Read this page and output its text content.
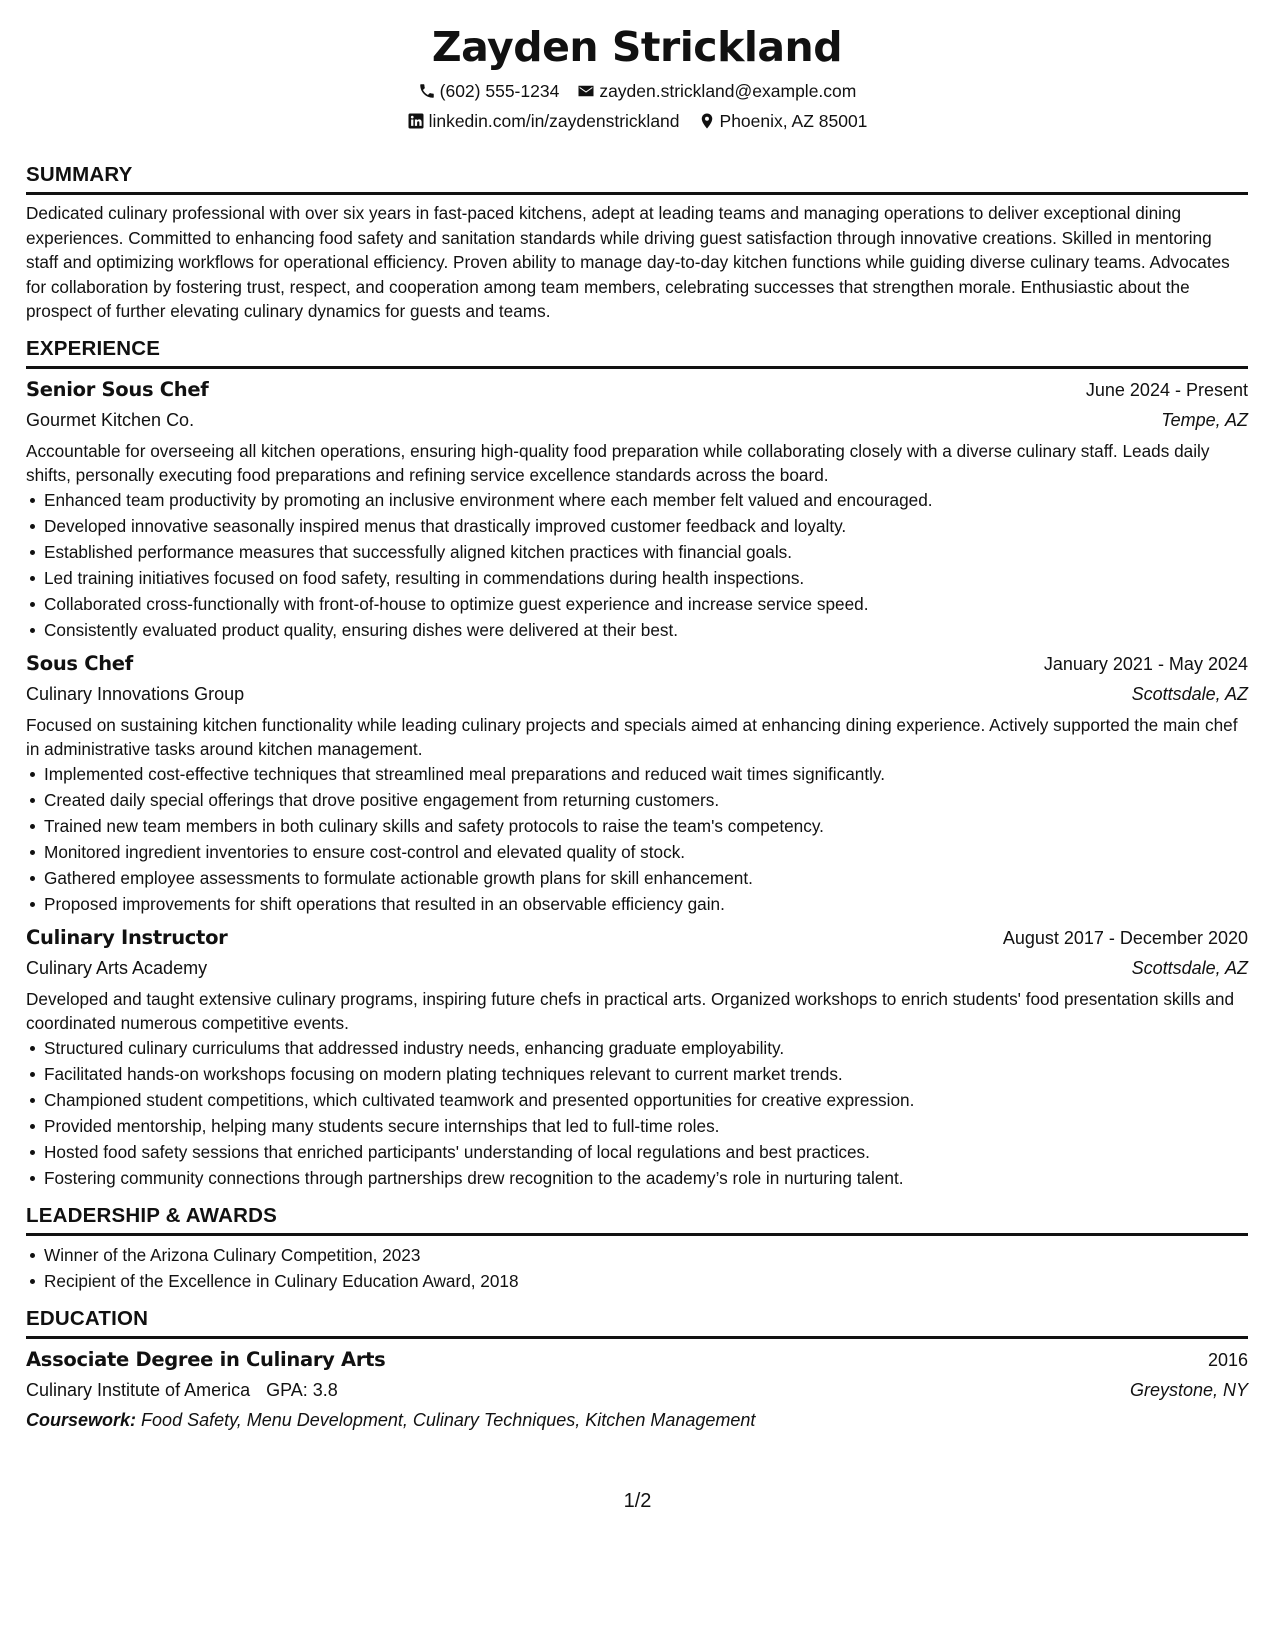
Zayden Strickland
(602) 555-1234 zayden.strickland@example.com
linkedin.com/in/zaydenstrickland Phoenix, AZ 85001
SUMMARY
Dedicated culinary professional with over six years in fast-paced kitchens, adept at leading teams and managing operations to deliver exceptional dining experiences. Committed to enhancing food safety and sanitation standards while driving guest satisfaction through innovative creations. Skilled in mentoring staff and optimizing workflows for operational efficiency. Proven ability to manage day-to-day kitchen functions while guiding diverse culinary teams. Advocates for collaboration by fostering trust, respect, and cooperation among team members, celebrating successes that strengthen morale. Enthusiastic about the prospect of further elevating culinary dynamics for guests and teams.
EXPERIENCE
Senior Sous Chef	June 2024 - Present
Gourmet Kitchen Co.	Tempe, AZ
Accountable for overseeing all kitchen operations, ensuring high-quality food preparation while collaborating closely with a diverse culinary staff. Leads daily shifts, personally executing food preparations and refining service excellence standards across the board.
Enhanced team productivity by promoting an inclusive environment where each member felt valued and encouraged.
Developed innovative seasonally inspired menus that drastically improved customer feedback and loyalty.
Established performance measures that successfully aligned kitchen practices with financial goals.
Led training initiatives focused on food safety, resulting in commendations during health inspections.
Collaborated cross-functionally with front-of-house to optimize guest experience and increase service speed.
Consistently evaluated product quality, ensuring dishes were delivered at their best.
Sous Chef	January 2021 - May 2024
Culinary Innovations Group	Scottsdale, AZ
Focused on sustaining kitchen functionality while leading culinary projects and specials aimed at enhancing dining experience. Actively supported the main chef in administrative tasks around kitchen management.
Implemented cost-effective techniques that streamlined meal preparations and reduced wait times significantly.
Created daily special offerings that drove positive engagement from returning customers.
Trained new team members in both culinary skills and safety protocols to raise the team's competency.
Monitored ingredient inventories to ensure cost-control and elevated quality of stock.
Gathered employee assessments to formulate actionable growth plans for skill enhancement.
Proposed improvements for shift operations that resulted in an observable efficiency gain.
Culinary Instructor	August 2017 - December 2020
Culinary Arts Academy	Scottsdale, AZ
Developed and taught extensive culinary programs, inspiring future chefs in practical arts. Organized workshops to enrich students' food presentation skills and coordinated numerous competitive events.
Structured culinary curriculums that addressed industry needs, enhancing graduate employability.
Facilitated hands-on workshops focusing on modern plating techniques relevant to current market trends.
Championed student competitions, which cultivated teamwork and presented opportunities for creative expression.
Provided mentorship, helping many students secure internships that led to full-time roles.
Hosted food safety sessions that enriched participants' understanding of local regulations and best practices.
Fostering community connections through partnerships drew recognition to the academy’s role in nurturing talent.
LEADERSHIP & AWARDS
Winner of the Arizona Culinary Competition, 2023
Recipient of the Excellence in Culinary Education Award, 2018
EDUCATION
Associate Degree in Culinary Arts	2016
Culinary Institute of America GPA: 3.8	Greystone, NY
Coursework: Food Safety, Menu Development, Culinary Techniques, Kitchen Management
1/2
